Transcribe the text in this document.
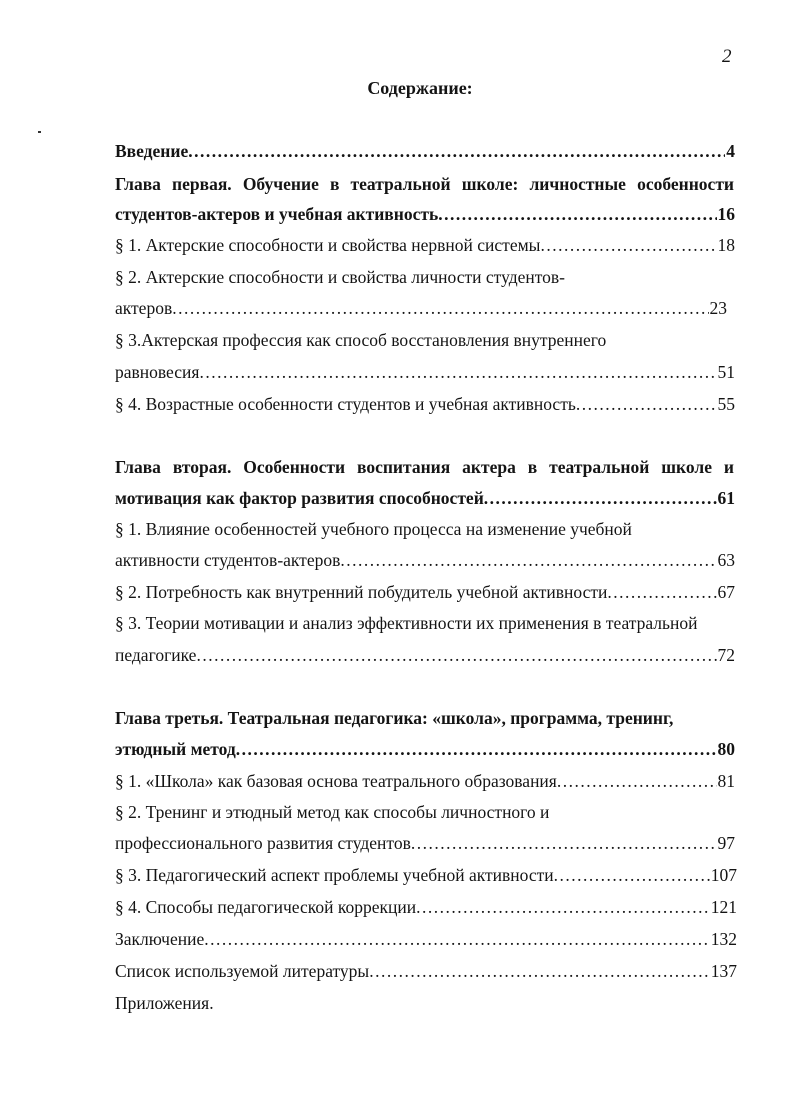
2
Содержание:
Введение .....	4
Глава первая. Обучение в театральной школе: личностные особенности
студентов-актеров и учебная активность .....	16
§ 1. Актерские способности и свойства нервной системы .....	18
§ 2. Актерские способности и свойства личности студентов-
актеров .....	23
§ 3.Актерская профессия как способ восстановления внутреннего
равновесия .....	51
§ 4. Возрастные особенности студентов и учебная активность .....	55
Глава вторая. Особенности воспитания актера в театральной школе и
мотивация как фактор развития способностей .....	61
§ 1. Влияние особенностей учебного процесса на изменение учебной
активности студентов-актеров .....	63
§ 2. Потребность как внутренний побудитель учебной активности .....	67
§ 3. Теории мотивации и анализ эффективности их применения в театральной
педагогике .....	72
Глава третья. Театральная педагогика: «школа», программа, тренинг,
этюдный метод .....	80
§ 1. «Школа» как базовая основа театрального образования .....	81
§ 2. Тренинг и этюдный метод как способы личностного и
профессионального развития студентов .....	97
§ 3. Педагогический аспект проблемы учебной активности .....	107
§ 4. Способы педагогической коррекции .....	121
Заключение .....	132
Список используемой литературы .....	137
Приложения.
